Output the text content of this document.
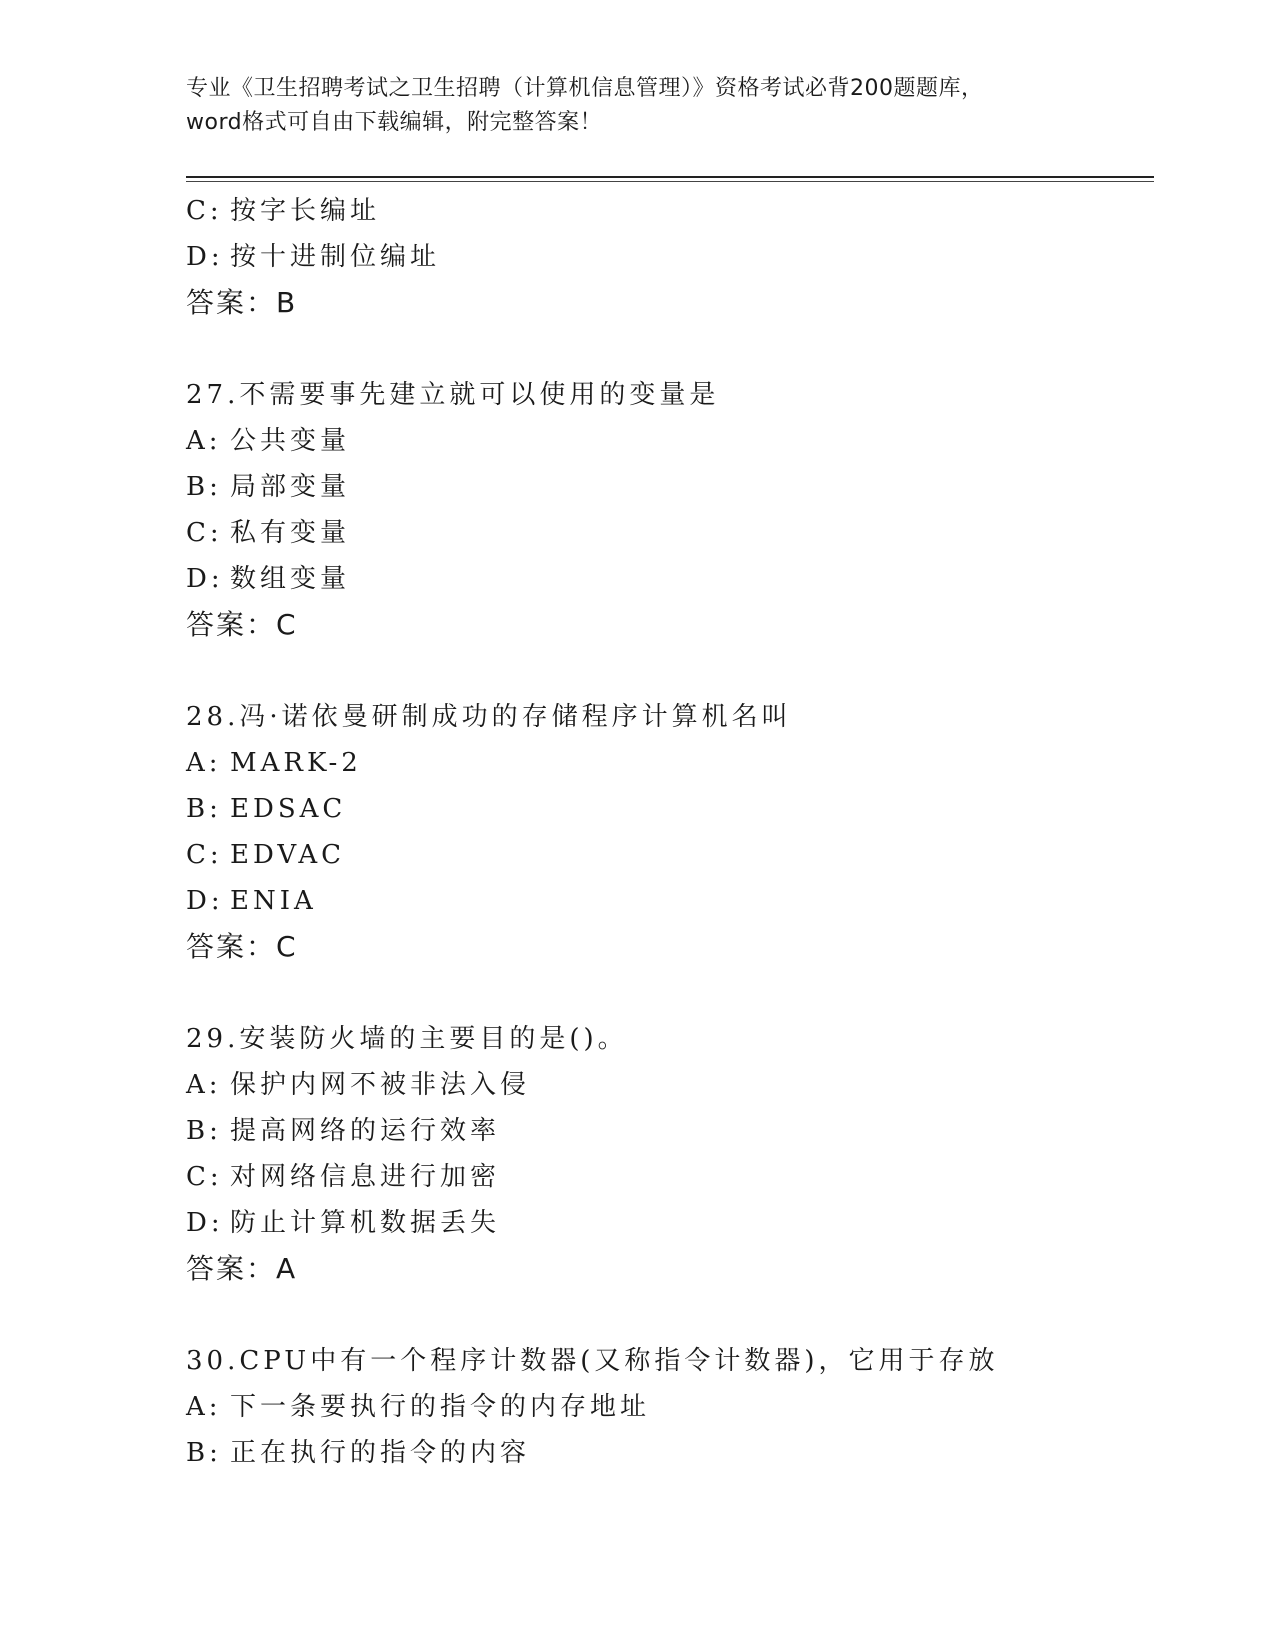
专业《卫生招聘考试之卫生招聘（计算机信息管理）》资格考试必背200题题库，

word格式可自由下载编辑，附完整答案！

C: 按字长编址
D: 按十进制位编址
答案：B
27.不需要事先建立就可以使用的变量是
A: 公共变量
B: 局部变量
C: 私有变量
D: 数组变量
答案：C
28.冯·诺依曼研制成功的存储程序计算机名叫
A: MARK-2
B: EDSAC
C: EDVAC
D: ENIA
答案：C
29.安装防火墙的主要目的是()。
A: 保护内网不被非法入侵
B: 提高网络的运行效率
C: 对网络信息进行加密
D: 防止计算机数据丢失
答案：A
30.CPU中有一个程序计数器(又称指令计数器)，它用于存放
A: 下一条要执行的指令的内存地址
B: 正在执行的指令的内容
